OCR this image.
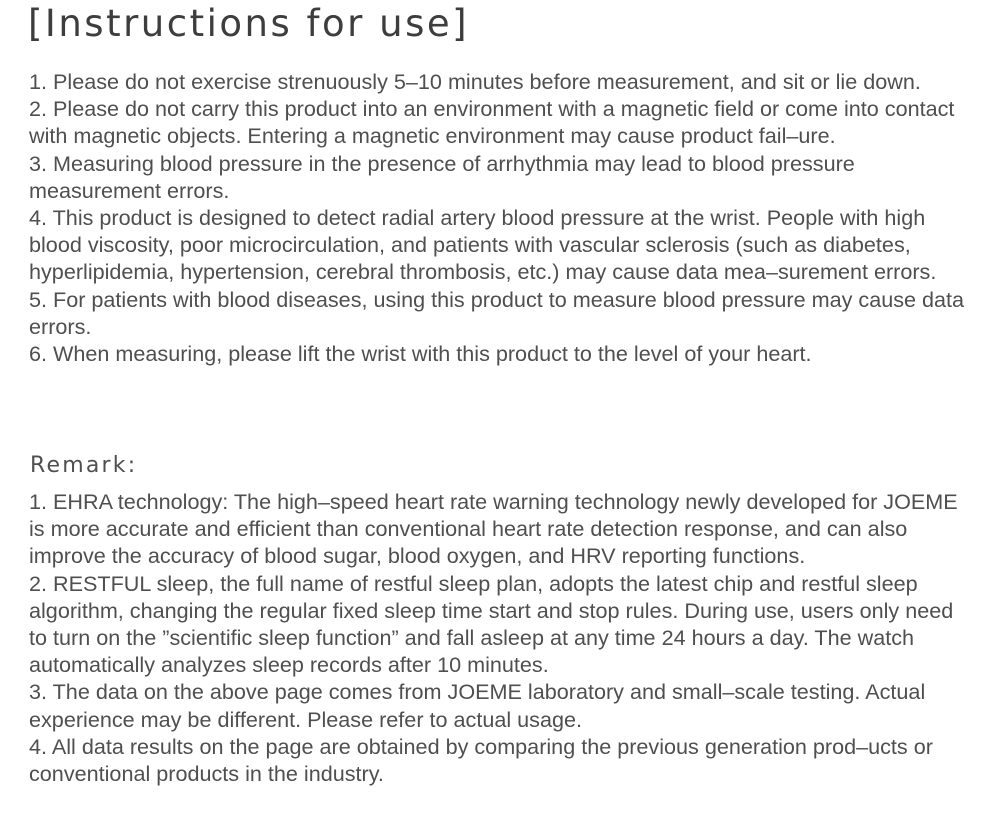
[Instructions for use]

1. Please do not exercise strenuously 5–10 minutes before measurement, and sit or lie down.

2. Please do not carry this product into an environment with a magnetic field or come into contact with magnetic objects. Entering a magnetic environment may cause product fail–ure.

3. Measuring blood pressure in the presence of arrhythmia may lead to blood pressure measurement errors.

4. This product is designed to detect radial artery blood pressure at the wrist. People with high blood viscosity, poor microcirculation, and patients with vascular sclerosis (such as diabetes, hyperlipidemia, hypertension, cerebral thrombosis, etc.) may cause data mea–surement errors.

5. For patients with blood diseases, using this product to measure blood pressure may cause data errors.

6. When measuring, please lift the wrist with this product to the level of your heart.

Remark:

1. EHRA technology: The high–speed heart rate warning technology newly developed for JOEME is more accurate and efficient than conventional heart rate detection response, and can also improve the accuracy of blood sugar, blood oxygen, and HRV reporting functions.

2. RESTFUL sleep, the full name of restful sleep plan, adopts the latest chip and restful sleep algorithm, changing the regular fixed sleep time start and stop rules. During use, users only need to turn on the ”scientific sleep function” and fall asleep at any time 24 hours a day. The watch automatically analyzes sleep records after 10 minutes.

3. The data on the above page comes from JOEME laboratory and small–scale testing. Actual experience may be different. Please refer to actual usage.

4. All data results on the page are obtained by comparing the previous generation prod–ucts or conventional products in the industry.
